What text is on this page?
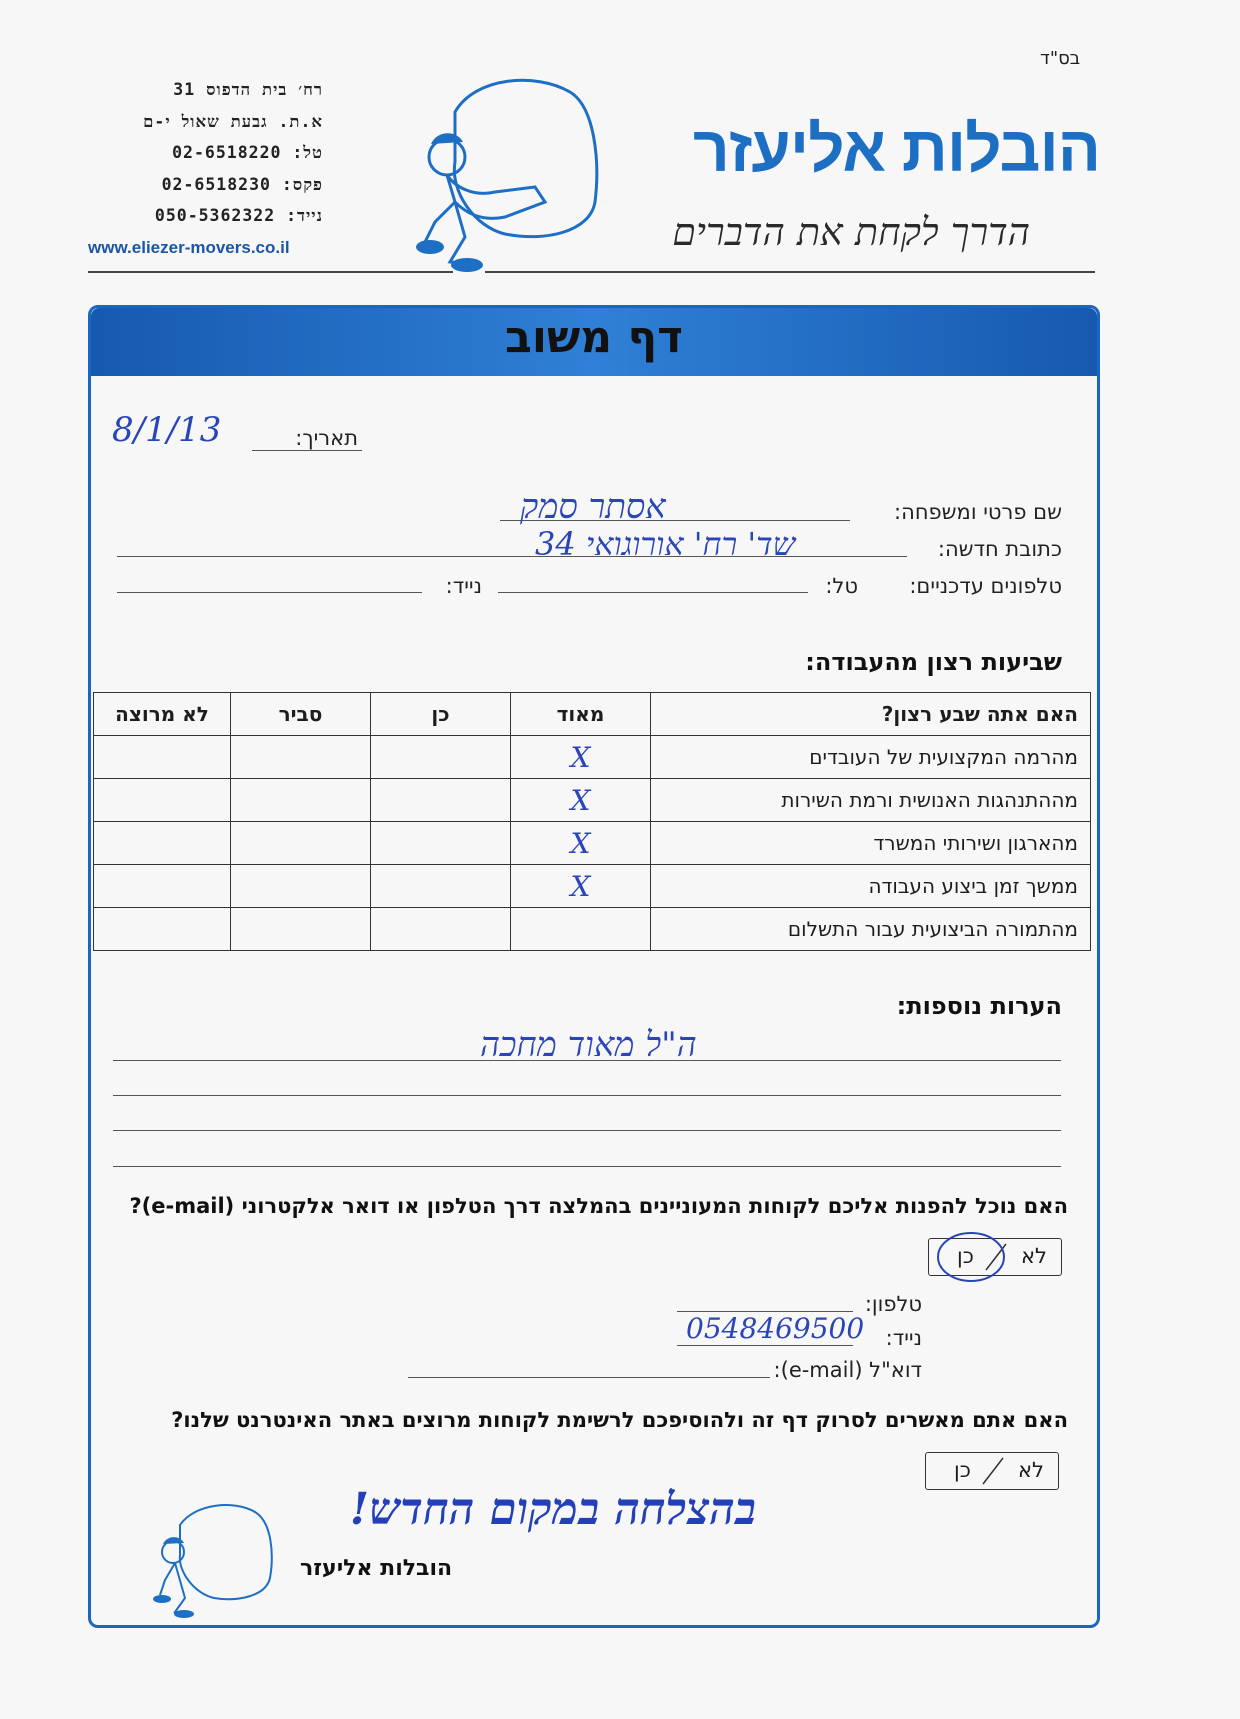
בס"ד
רח׳ בית הדפוס 31
א.ת. גבעת שאול י-ם
טל: 02-6518220
פקס: 02-6518230
נייד: 050-5362322
www.eliezer-movers.co.il
הובלות אליעזר
הדרך לקחת את הדברים
דף משוב
תאריך:
8/1/13
שם פרטי ומשפחה:
אסתר סמק
כתובת חדשה:
שד' רח' אורוגואי 34
טלפונים עדכניים:
טל:
נייד:
שביעות רצון מהעבודה:
האם אתה שבע רצון?	מאוד	כן	סביר	לא מרוצה
מהרמה המקצועית של העובדים	X			
מההתנהגות האנושית ורמת השירות	X			
מהארגון ושירותי המשרד	X			
ממשך זמן ביצוע העבודה	X			
מהתמורה הביצועית עבור התשלום				
הערות נוספות:
ה"ל מאוד מחכה
האם נוכל להפנות אליכם לקוחות המעוניינים בהמלצה דרך הטלפון או דואר אלקטרוני (e-mail)?
לא
כן
טלפון:
נייד:
0548469500
דוא"ל (e-mail):
האם אתם מאשרים לסרוק דף זה ולהוסיפכם לרשימת לקוחות מרוצים באתר האינטרנט שלנו?
לא
כן
בהצלחה במקום החדש!
הובלות אליעזר
